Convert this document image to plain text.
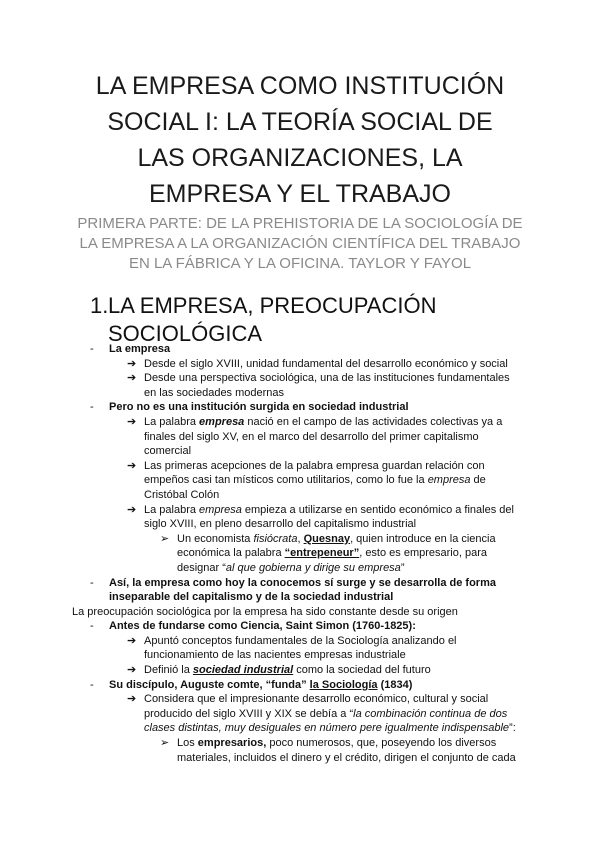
LA EMPRESA COMO INSTITUCIÓN
SOCIAL I: LA TEORÍA SOCIAL DE
LAS ORGANIZACIONES, LA
EMPRESA Y EL TRABAJO
PRIMERA PARTE: DE LA PREHISTORIA DE LA SOCIOLOGÍA DE
LA EMPRESA A LA ORGANIZACIÓN CIENTÍFICA DEL TRABAJO
EN LA FÁBRICA Y LA OFICINA. TAYLOR Y FAYOL
1. LA EMPRESA, PREOCUPACIÓN
SOCIOLÓGICA
- La empresa
➔ Desde el siglo XVIII, unidad fundamental del desarrollo económico y social
➔ Desde una perspectiva sociológica, una de las instituciones fundamentales
en las sociedades modernas
- Pero no es una institución surgida en sociedad industrial
➔ La palabra empresa nació en el campo de las actividades colectivas ya a
finales del siglo XV, en el marco del desarrollo del primer capitalismo
comercial
➔ Las primeras acepciones de la palabra empresa guardan relación con
empeños casi tan místicos como utilitarios, como lo fue la empresa de
Cristóbal Colón
➔ La palabra empresa empieza a utilizarse en sentido económico a finales del
siglo XVIII, en pleno desarrollo del capitalismo industrial
➢ Un economista fisiócrata, Quesnay, quien introduce en la ciencia
económica la palabra “entrepeneur”, esto es empresario, para
designar “al que gobierna y dirige su empresa”
- Así, la empresa como hoy la conocemos sí surge y se desarrolla de forma
inseparable del capitalismo y de la sociedad industrial
La preocupación sociológica por la empresa ha sido constante desde su origen
- Antes de fundarse como Ciencia, Saint Simon (1760-1825):
➔ Apuntó conceptos fundamentales de la Sociología analizando el
funcionamiento de las nacientes empresas industriale
➔ Definió la sociedad industrial como la sociedad del futuro
- Su discípulo, Auguste comte, “funda” la Sociología (1834)
➔ Considera que el impresionante desarrollo económico, cultural y social
producido del siglo XVIII y XIX se debía a “la combinación continua de dos
clases distintas, muy desiguales en número pere igualmente indispensable”:
➢ Los empresarios, poco numerosos, que, poseyendo los diversos
materiales, incluidos el dinero y el crédito, dirigen el conjunto de cada
